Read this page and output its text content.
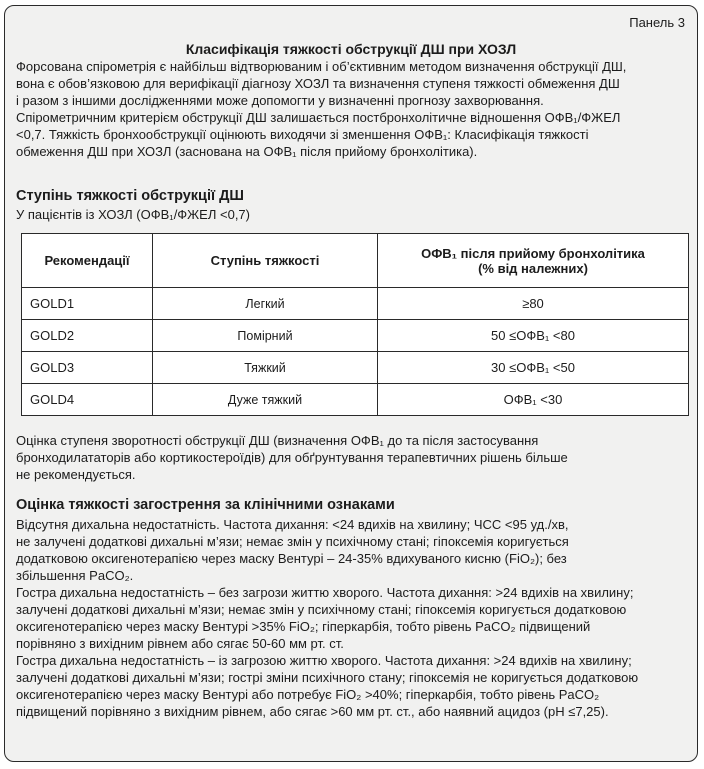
Панель 3
Класифікація тяжкості обструкції ДШ при ХОЗЛ
Форсована спірометрія є найбільш відтворюваним і об’єктивним методом визначення обструкції ДШ,
вона є обов’язковою для верифікації діагнозу ХОЗЛ та визначення ступеня тяжкості обмеження ДШ
і разом з іншими дослідженнями може допомогти у визначенні прогнозу захворювання.
Спірометричним критерієм обструкції ДШ залишається постбронхолітичне відношення ОФВ₁/ФЖЕЛ
<0,7. Тяжкість бронхообструкції оцінюють виходячи зі зменшення ОФВ₁: Класифікація тяжкості
обмеження ДШ при ХОЗЛ (заснована на ОФВ₁ після прийому бронхолітика).
Ступінь тяжкості обструкції ДШ
У пацієнтів із ХОЗЛ (ОФВ₁/ФЖЕЛ <0,7)
Рекомендації	Ступінь тяжкості	ОФВ₁ після прийому бронхолітика
(% від належних)

GOLD1	Легкий	≥80
GOLD2	Помірний	50 ≤ОФВ₁ <80
GOLD3	Тяжкий	30 ≤ОФВ₁ <50
GOLD4	Дуже тяжкий	ОФВ₁ <30
Оцінка ступеня зворотності обструкції ДШ (визначення ОФВ₁ до та після застосування
бронходилататорів або кортикостероїдів) для обґрунтування терапевтичних рішень більше
не рекомендується.
Оцінка тяжкості загострення за клінічними ознаками
Відсутня дихальна недостатність. Частота дихання: <24 вдихів на хвилину; ЧСС <95 уд./хв,
не залучені додаткові дихальні м’язи; немає змін у психічному стані; гіпоксемія коригується
додатковою оксигенотерапією через маску Вентурі – 24-35% вдихуваного кисню (FiO₂); без
збільшення PaCO₂.
Гостра дихальна недостатність – без загрози життю хворого. Частота дихання: >24 вдихів на хвилину;
залучені додаткові дихальні м’язи; немає змін у психічному стані; гіпоксемія коригується додатковою
оксигенотерапією через маску Вентурі >35% FiO₂; гіперкарбія, тобто рівень PaCO₂ підвищений
порівняно з вихідним рівнем або сягає 50-60 мм рт. ст.
Гостра дихальна недостатність – із загрозою життю хворого. Частота дихання: >24 вдихів на хвилину;
залучені додаткові дихальні м’язи; гострі зміни психічного стану; гіпоксемія не коригується додатковою
оксигенотерапією через маску Вентурі або потребує FiO₂ >40%; гіперкарбія, тобто рівень PaCO₂
підвищений порівняно з вихідним рівнем, або сягає >60 мм рт. ст., або наявний ацидоз (pH ≤7,25).
